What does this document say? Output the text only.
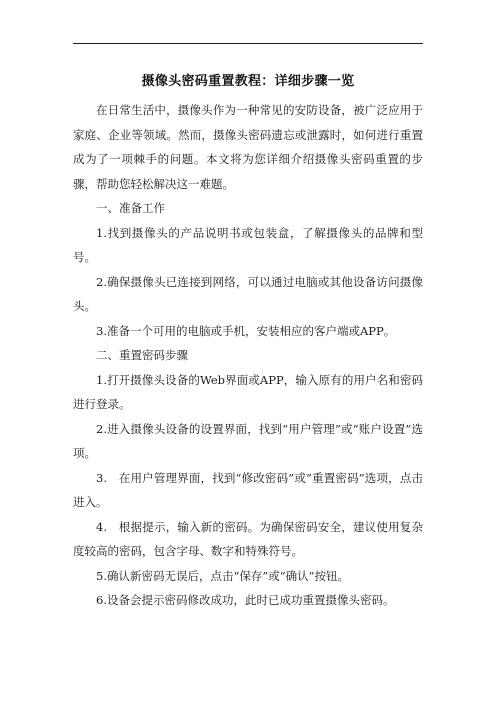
摄像头密码重置教程：详细步骤一览

在日常生活中，摄像头作为一种常见的安防设备，被广泛应用于家庭、企业等领域。然而，摄像头密码遗忘或泄露时，如何进行重置成为了一项棘手的问题。本文将为您详细介绍摄像头密码重置的步骤，帮助您轻松解决这一难题。

一、准备工作

1.找到摄像头的产品说明书或包装盒，了解摄像头的品牌和型号。

2.确保摄像头已连接到网络，可以通过电脑或其他设备访问摄像头。

3.准备一个可用的电脑或手机，安装相应的客户端或APP。

二、重置密码步骤

1.打开摄像头设备的Web界面或APP，输入原有的用户名和密码进行登录。

2.进入摄像头设备的设置界面，找到“用户管理”或“账户设置”选项。

3.　在用户管理界面，找到“修改密码”或“重置密码”选项，点击进入。

4.　根据提示，输入新的密码。为确保密码安全，建议使用复杂度较高的密码，包含字母、数字和特殊符号。

5.确认新密码无误后，点击“保存”或“确认”按钮。

6.设备会提示密码修改成功，此时已成功重置摄像头密码。
